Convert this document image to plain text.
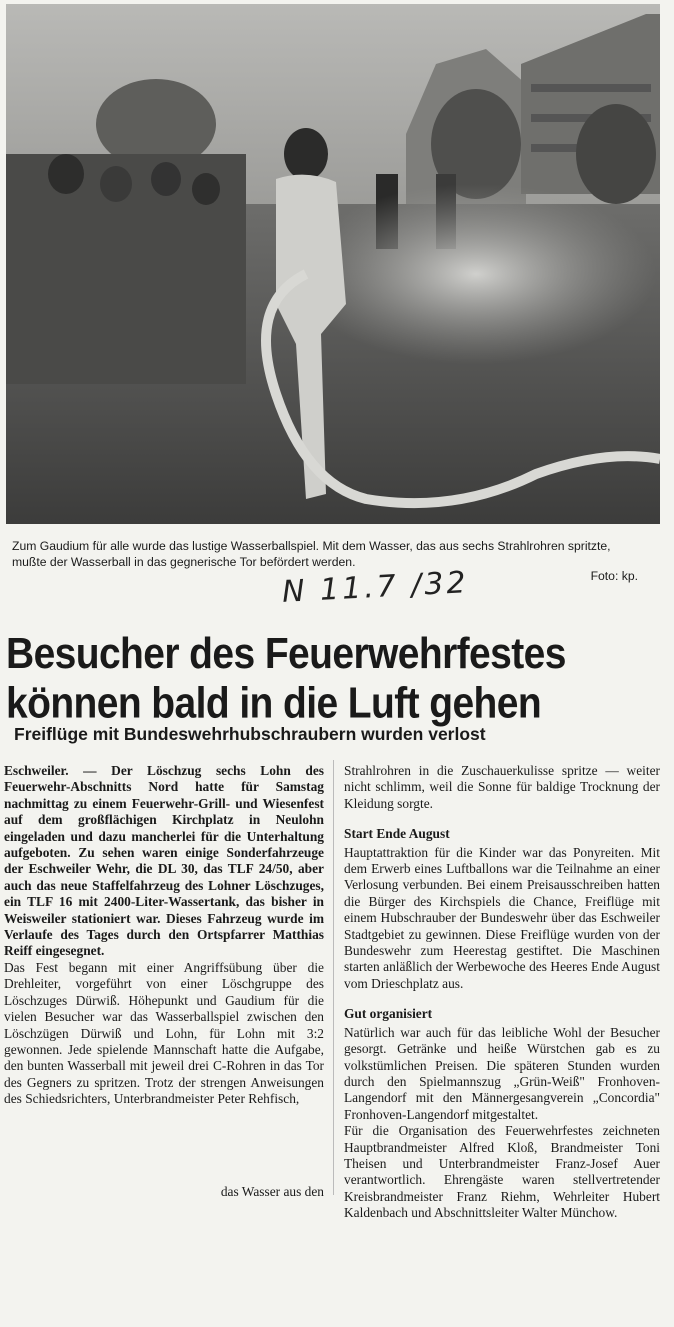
Zum Gaudium für alle wurde das lustige Wasserballspiel. Mit dem Wasser, das aus sechs Strahlrohren spritzte, mußte der Wasserball in das gegnerische Tor befördert werden.
Foto: kp.
N 11.7 /32
Besucher des Feuerwehrfestes
können bald in die Luft gehen
Freiflüge mit Bundeswehrhubschraubern wurden verlost

Eschweiler. — Der Löschzug sechs Lohn des Feuerwehr-Abschnitts Nord hatte für Samstag nachmittag zu einem Feuerwehr-Grill- und Wiesenfest auf dem großflächigen Kirchplatz in Neulohn eingeladen und dazu mancherlei für die Unterhaltung aufgeboten. Zu sehen waren einige Sonderfahrzeuge der Eschweiler Wehr, die DL 30, das TLF 24/50, aber auch das neue Staffelfahrzeug des Lohner Löschzuges, ein TLF 16 mit 2400-Liter-Wassertank, das bisher in Weisweiler stationiert war. Dieses Fahrzeug wurde im Verlaufe des Tages durch den Ortspfarrer Matthias Reiff eingesegnet.

Das Fest begann mit einer Angriffsübung über die Drehleiter, vorgeführt von einer Löschgruppe des Löschzuges Dürwiß. Höhepunkt und Gaudium für die vielen Besucher war das Wasserballspiel zwischen den Löschzügen Dürwiß und Lohn, für Lohn mit 3:2 gewonnen. Jede spielende Mannschaft hatte die Aufgabe, den bunten Wasserball mit jeweil drei C-Rohren in das Tor des Gegners zu spritzen. Trotz der strengen Anweisungen des Schiedsrichters, Unterbrandmeister Peter Rehfisch,

das Wasser aus den

Strahlrohren in die Zuschauerkulisse spritze — weiter nicht schlimm, weil die Sonne für baldige Trocknung der Kleidung sorgte.

Start Ende August

Hauptattraktion für die Kinder war das Ponyreiten. Mit dem Erwerb eines Luftballons war die Teilnahme an einer Verlosung verbunden. Bei einem Preisausschreiben hatten die Bürger des Kirchspiels die Chance, Freiflüge mit einem Hubschrauber der Bundeswehr über das Eschweiler Stadtgebiet zu gewinnen. Diese Freiflüge wurden von der Bundeswehr zum Heerestag gestiftet. Die Maschinen starten anläßlich der Werbewoche des Heeres Ende August vom Drieschplatz aus.

Gut organisiert

Natürlich war auch für das leibliche Wohl der Besucher gesorgt. Getränke und heiße Würstchen gab es zu volkstümlichen Preisen. Die späteren Stunden wurden durch den Spielmannszug „Grün-Weiß" Fronhoven-Langendorf mit den Männergesangverein „Concordia" Fronhoven-Langendorf mitgestaltet.

Für die Organisation des Feuerwehrfestes zeichneten Hauptbrandmeister Alfred Kloß, Brandmeister Toni Theisen und Unterbrandmeister Franz-Josef Auer verantwortlich. Ehrengäste waren stellvertretender Kreisbrandmeister Franz Riehm, Wehrleiter Hubert Kaldenbach und Abschnittsleiter Walter Münchow.
